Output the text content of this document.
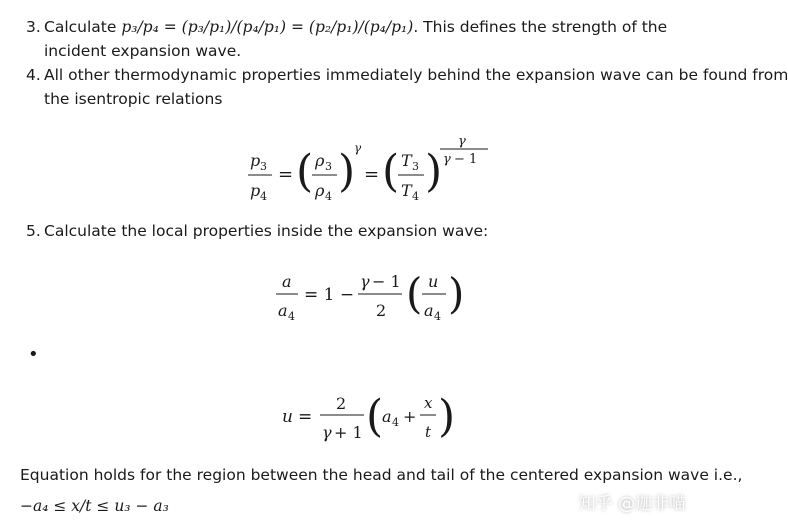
3. Calculate p₃/p₄ = (p₃/p₁)/(p₄/p₁) = (p₂/p₁)/(p₄/p₁). This defines the strength of the
incident expansion wave.
4. All other thermodynamic properties immediately behind the expansion wave can be found from
the isentropic relations
p 3
p 4
= ( ρ 3
ρ 4 )
γ
= ( T 3
T 4 )
γ
γ − 1
5. Calculate the local properties inside the expansion wave:
a
a 4
= 1 −
γ − 1
2 ( u
a 4 )
•
u =
2
γ + 1 (
a 4 +
x
t )
Equation holds for the region between the head and tail of the centered expansion wave i.e.,
−a₄ ≤ x/t ≤ u₃ − a₃	知乎 @迦非喵
